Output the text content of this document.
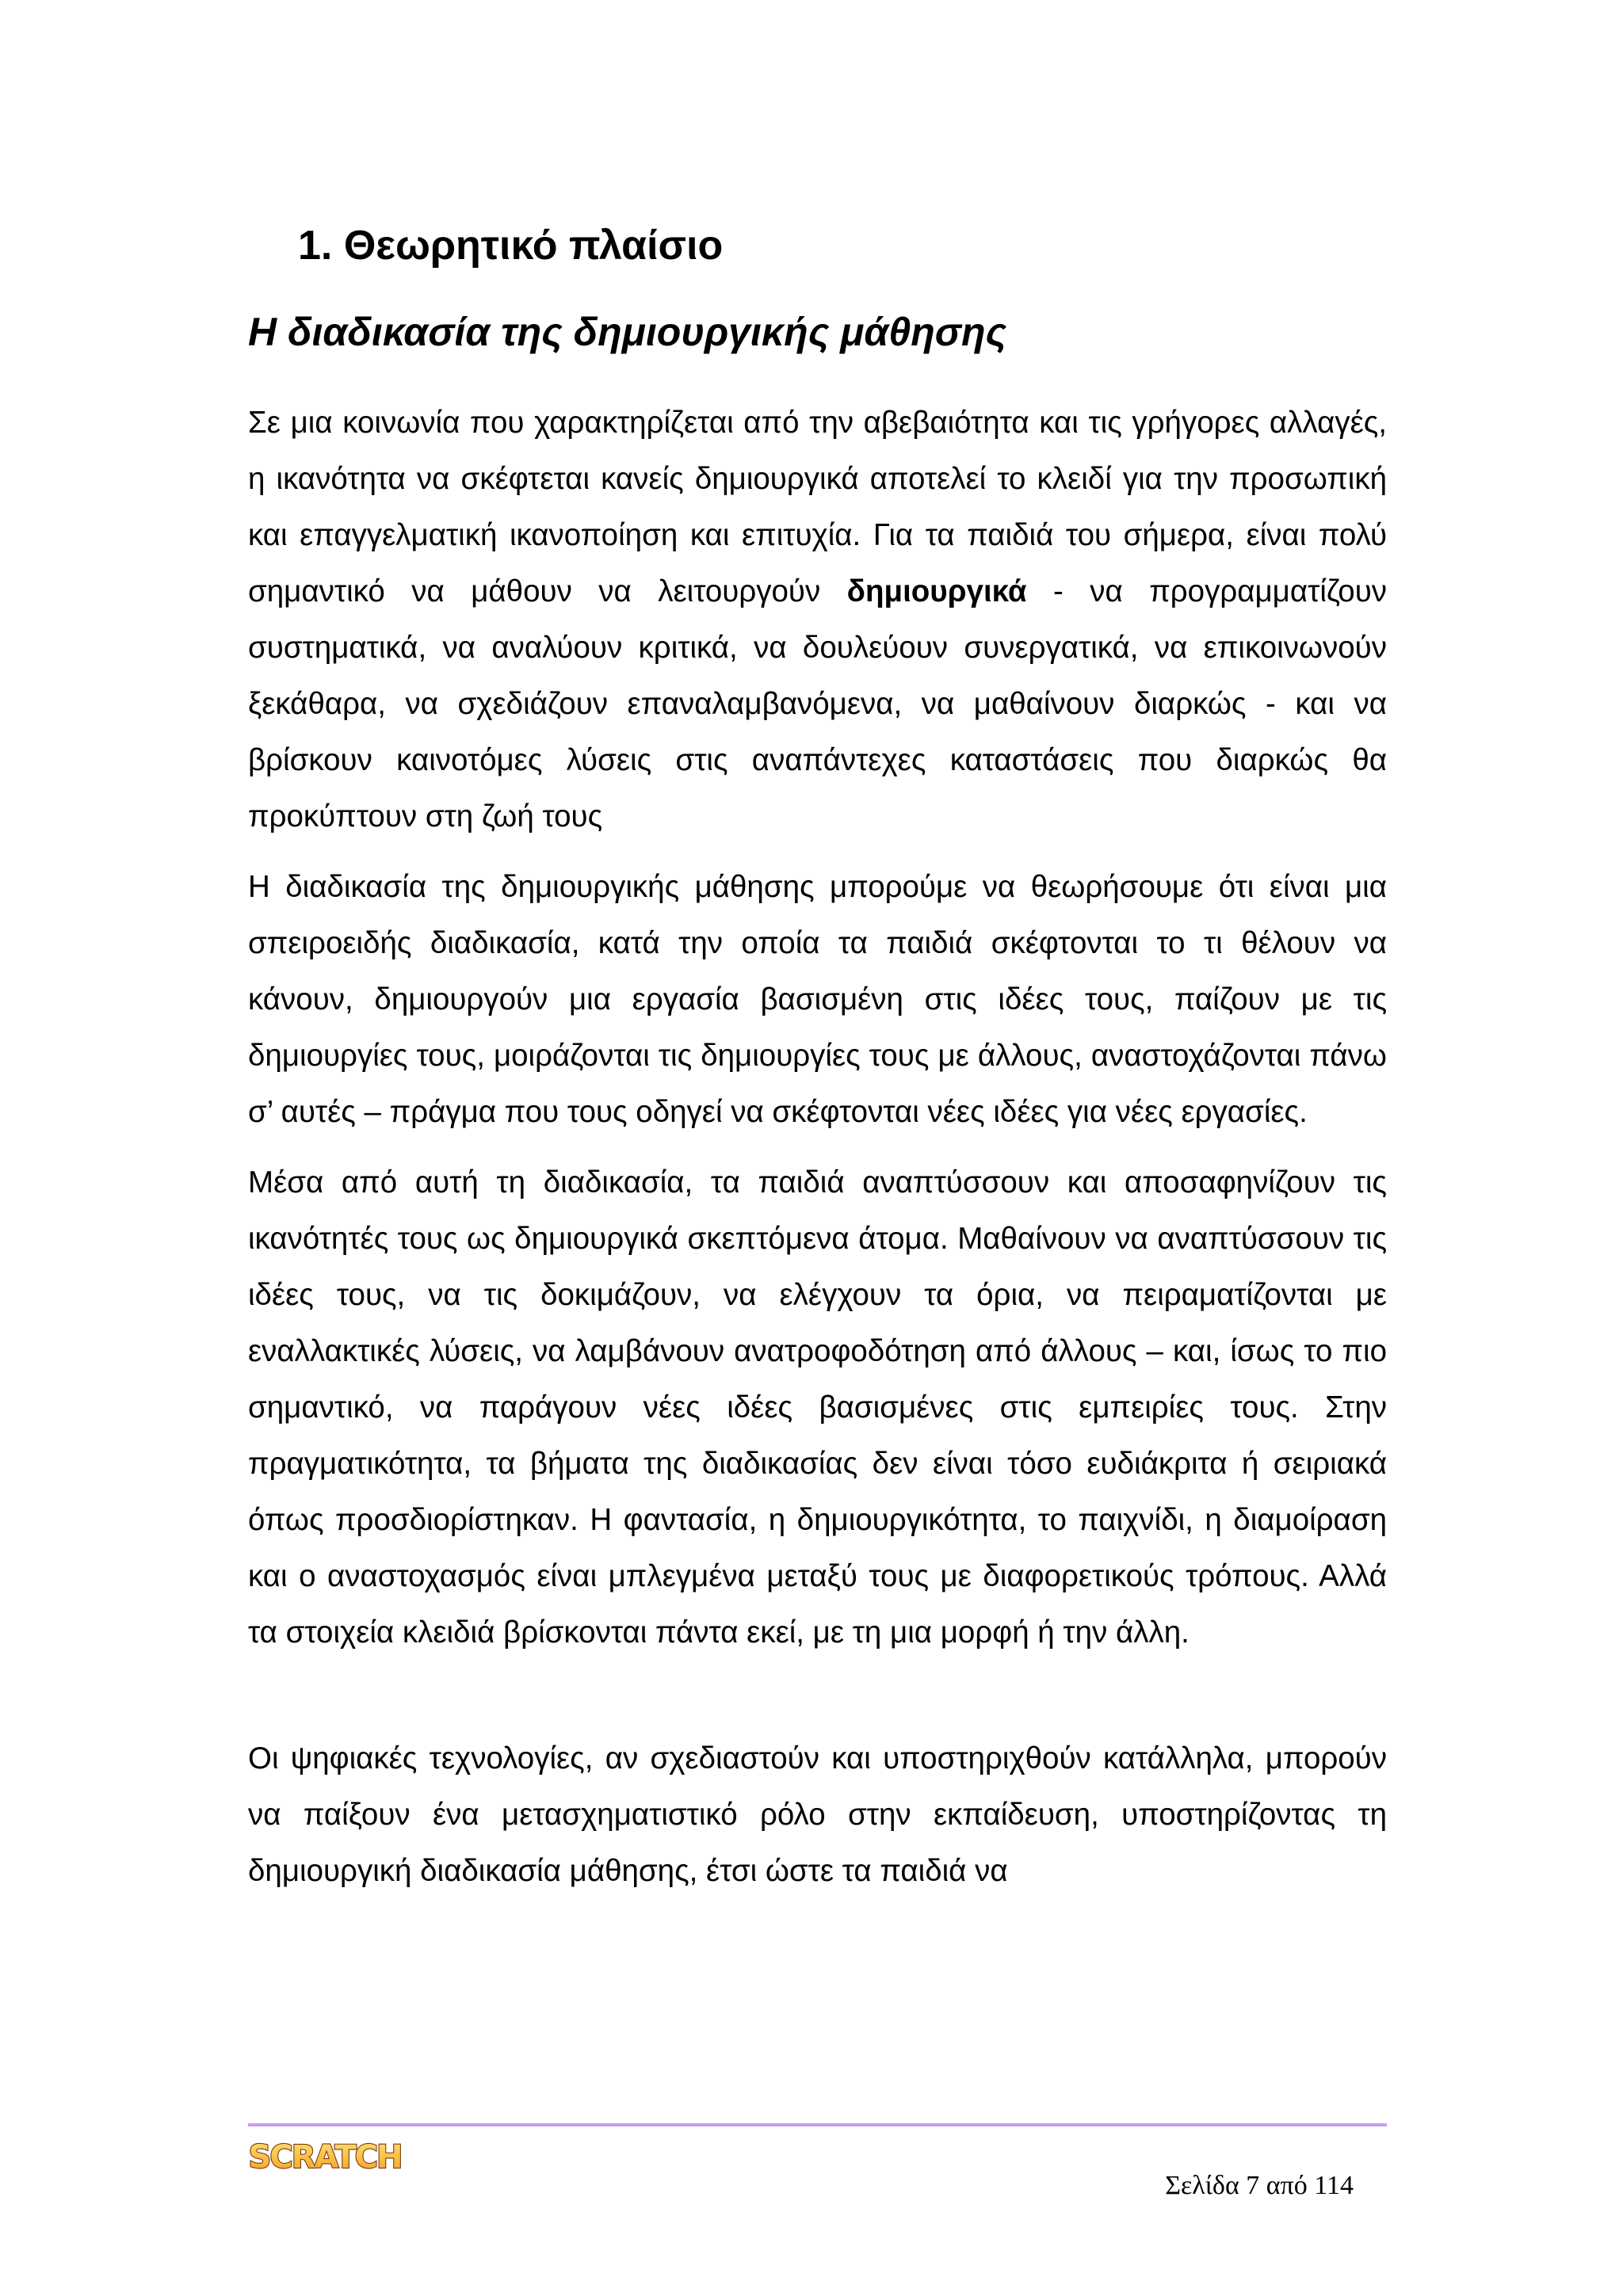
1. Θεωρητικό πλαίσιο
Η διαδικασία της δημιουργικής μάθησης

Σε μια κοινωνία που χαρακτηρίζεται από την αβεβαιότητα και τις γρήγορες αλλαγές, η ικανότητα να σκέφτεται κανείς δημιουργικά αποτελεί το κλειδί για την προσωπική και επαγγελματική ικανοποίηση και επιτυχία. Για τα παιδιά του σήμερα, είναι πολύ σημαντικό να μάθουν να λειτουργούν δημιουργικά - να προγραμματίζουν συστηματικά, να αναλύουν κριτικά, να δουλεύουν συνεργατικά, να επικοινωνούν ξεκάθαρα, να σχεδιάζουν επαναλαμβανόμενα, να μαθαίνουν διαρκώς - και να βρίσκουν καινοτόμες λύσεις στις αναπάντεχες καταστάσεις που διαρκώς θα προκύπτουν στη ζωή τους

Η διαδικασία της δημιουργικής μάθησης μπορούμε να θεωρήσουμε ότι είναι μια σπειροειδής διαδικασία, κατά την οποία τα παιδιά σκέφτονται το τι θέλουν να κάνουν, δημιουργούν μια εργασία βασισμένη στις ιδέες τους, παίζουν με τις δημιουργίες τους, μοιράζονται τις δημιουργίες τους με άλλους, αναστοχάζονται πάνω σ’ αυτές – πράγμα που τους οδηγεί να σκέφτονται νέες ιδέες για νέες εργασίες.

Μέσα από αυτή τη διαδικασία, τα παιδιά αναπτύσσουν και αποσαφηνίζουν τις ικανότητές τους ως δημιουργικά σκεπτόμενα άτομα. Μαθαίνουν να αναπτύσσουν τις ιδέες τους, να τις δοκιμάζουν, να ελέγχουν τα όρια, να πειραματίζονται με εναλλακτικές λύσεις, να λαμβάνουν ανατροφοδότηση από άλλους – και, ίσως το πιο σημαντικό, να παράγουν νέες ιδέες βασισμένες στις εμπειρίες τους. Στην πραγματικότητα, τα βήματα της διαδικασίας δεν είναι τόσο ευδιάκριτα ή σειριακά όπως προσδιορίστηκαν. Η φαντασία, η δημιουργικότητα, το παιχνίδι, η διαμοίραση και ο αναστοχασμός είναι μπλεγμένα μεταξύ τους με διαφορετικούς τρόπους. Αλλά τα στοιχεία κλειδιά βρίσκονται πάντα εκεί, με τη μια μορφή ή την άλλη.

Οι ψηφιακές τεχνολογίες, αν σχεδιαστούν και υποστηριχθούν κατάλληλα, μπορούν να παίξουν ένα μετασχηματιστικό ρόλο στην εκπαίδευση, υποστηρίζοντας τη δημιουργική διαδικασία μάθησης, έτσι ώστε τα παιδιά να

SCRATCH
Σελίδα 7 από 114
